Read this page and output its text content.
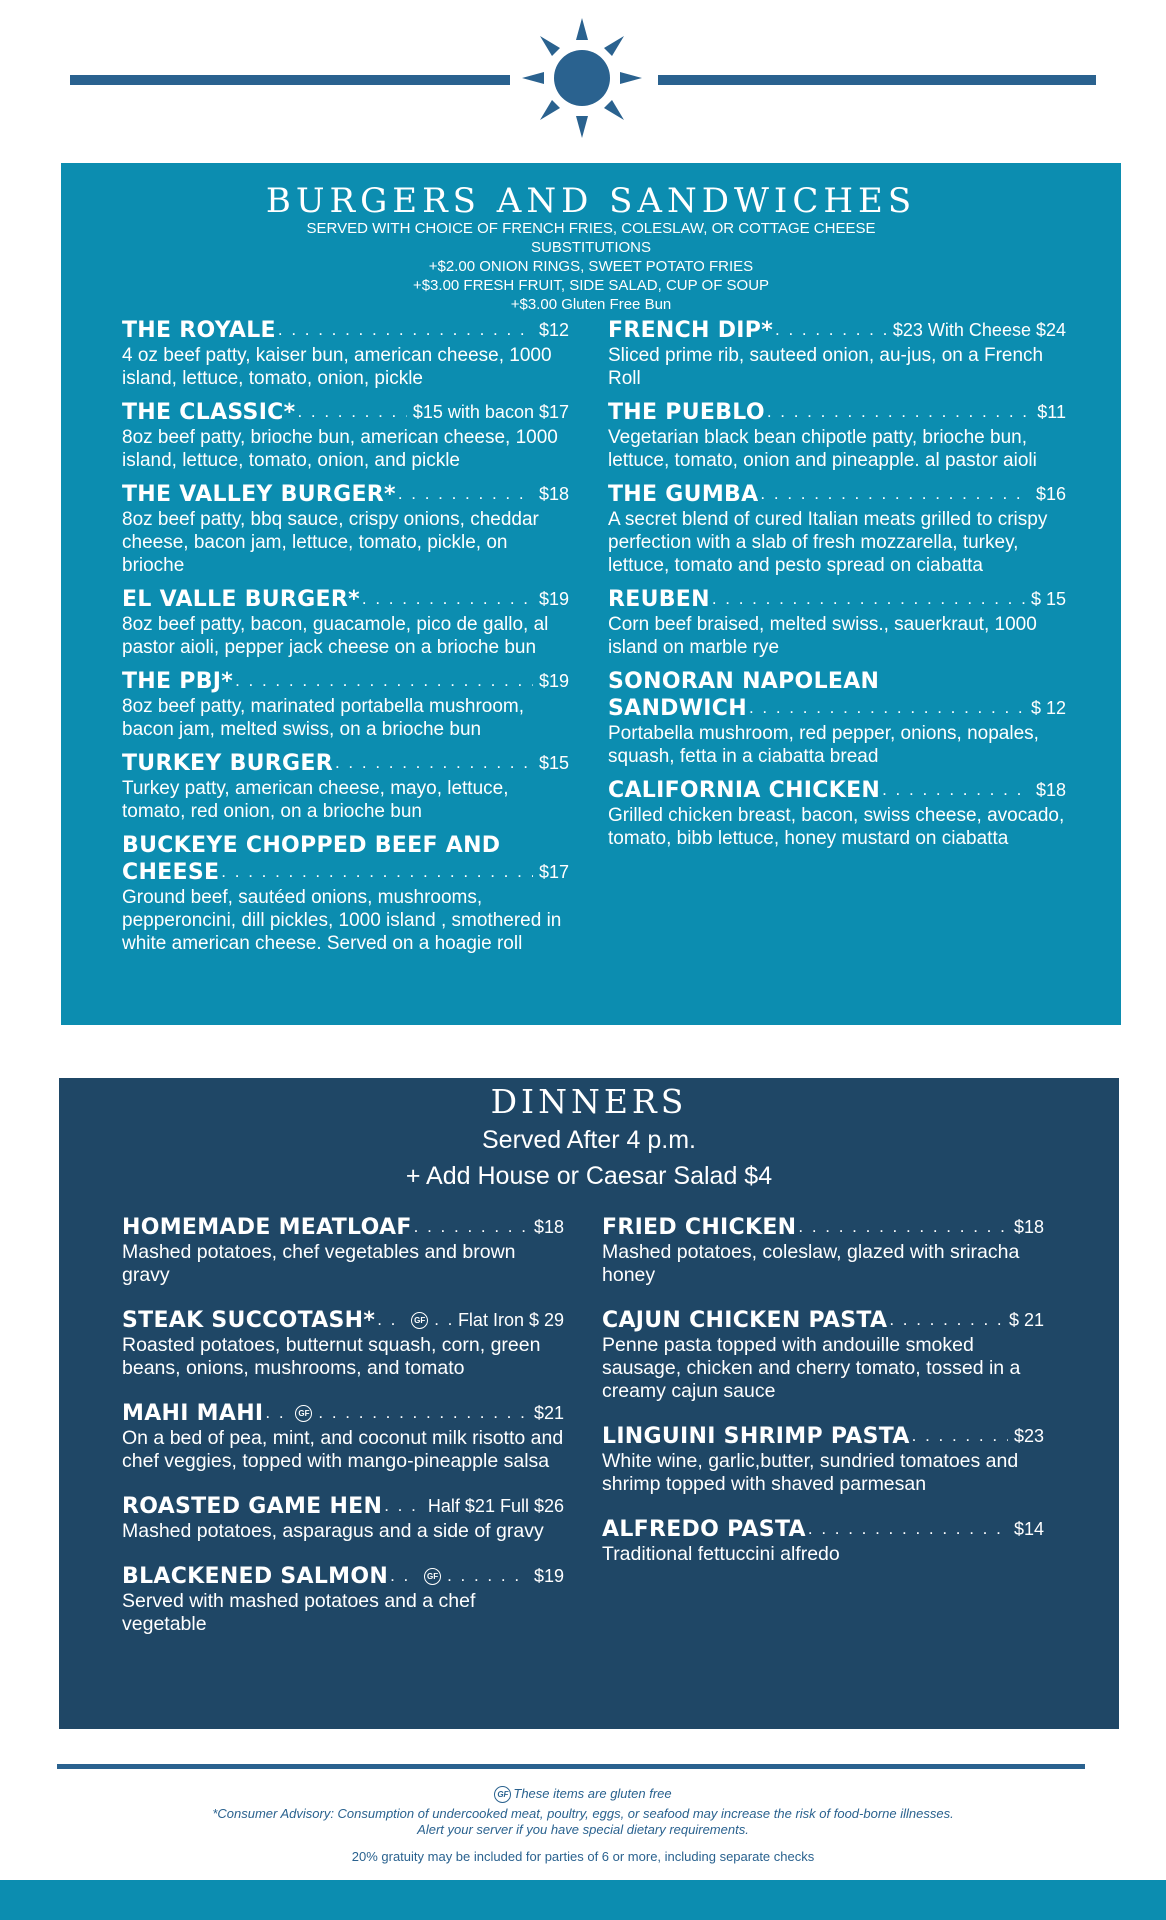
BURGERS AND SANDWICHES

SERVED WITH CHOICE OF FRENCH FRIES, COLESLAW, OR COTTAGE CHEESE

SUBSTITUTIONS

+$2.00 ONION RINGS, SWEET POTATO FRIES

+$3.00 FRESH FRUIT, SIDE SALAD, CUP OF SOUP

+$3.00 Gluten Free Bun

THE ROYALE . . .	$12

4 oz beef patty, kaiser bun, american cheese, 1000 island, lettuce, tomato, onion, pickle

THE CLASSIC* . . .	$15 with bacon $17

8oz beef patty, brioche bun, american cheese, 1000 island, lettuce, tomato, onion, and pickle

THE VALLEY BURGER* . . .	$18

8oz beef patty, bbq sauce, crispy onions, cheddar cheese, bacon jam, lettuce, tomato, pickle, on brioche

EL VALLE BURGER* . . .	$19

8oz beef patty, bacon, guacamole, pico de gallo, al pastor aioli, pepper jack cheese on a brioche bun

THE PBJ* . . .	$19

8oz beef patty, marinated portabella mushroom, bacon jam, melted swiss, on a brioche bun

TURKEY BURGER . . .	$15

Turkey patty, american cheese, mayo, lettuce, tomato, red onion, on a brioche bun

BUCKEYE CHOPPED BEEF AND
CHEESE . . .	$17

Ground beef, sautéed onions, mushrooms, pepperoncini, dill pickles, 1000 island , smothered in white american cheese. Served on a hoagie roll

FRENCH DIP* . . .	$23 With Cheese $24

Sliced prime rib, sauteed onion, au-jus, on a French Roll

THE PUEBLO . . .	$11

Vegetarian black bean chipotle patty, brioche bun, lettuce, tomato, onion and pineapple. al pastor aioli

THE GUMBA . . .	$16

A secret blend of cured Italian meats grilled to crispy perfection with a slab of fresh mozzarella, turkey, lettuce, tomato and pesto spread on ciabatta

REUBEN . . .	$ 15

Corn beef braised, melted swiss., sauerkraut, 1000 island on marble rye

SONORAN NAPOLEAN
SANDWICH . . .	$ 12

Portabella mushroom, red pepper, onions, nopales, squash, fetta in a ciabatta bread

CALIFORNIA CHICKEN . . .	$18

Grilled chicken breast, bacon, swiss cheese, avocado, tomato, bibb lettuce, honey mustard on ciabatta

DINNERS

Served After 4 p.m.

+ Add House or Caesar Salad $4

HOMEMADE MEATLOAF . . .	$18

Mashed potatoes, chef vegetables and brown gravy

STEAK SUCCOTASH* . . .	GF . . . Flat Iron $ 29

Roasted potatoes, butternut squash, corn, green beans, onions, mushrooms, and tomato

MAHI MAHI . . .	GF . . .	$21

On a bed of pea, mint, and coconut milk risotto and chef veggies, topped with mango-pineapple salsa

ROASTED GAME HEN . . .	Half $21 Full $26

Mashed potatoes, asparagus and a side of gravy

BLACKENED SALMON . . .	GF . . .	$19

Served with mashed potatoes and a chef vegetable

FRIED CHICKEN . . .	$18

Mashed potatoes, coleslaw, glazed with sriracha honey

CAJUN CHICKEN PASTA . . .	$ 21

Penne pasta topped with andouille smoked sausage, chicken and cherry tomato, tossed in a creamy cajun sauce

LINGUINI SHRIMP PASTA . . .	$23

White wine, garlic,butter, sundried tomatoes and shrimp topped with shaved parmesan

ALFREDO PASTA . . .	$14

Traditional fettuccini alfredo

GF These items are gluten free
*Consumer Advisory: Consumption of undercooked meat, poultry, eggs, or seafood may increase the risk of food-borne illnesses.
Alert your server if you have special dietary requirements.
20% gratuity may be included for parties of 6 or more, including separate checks
